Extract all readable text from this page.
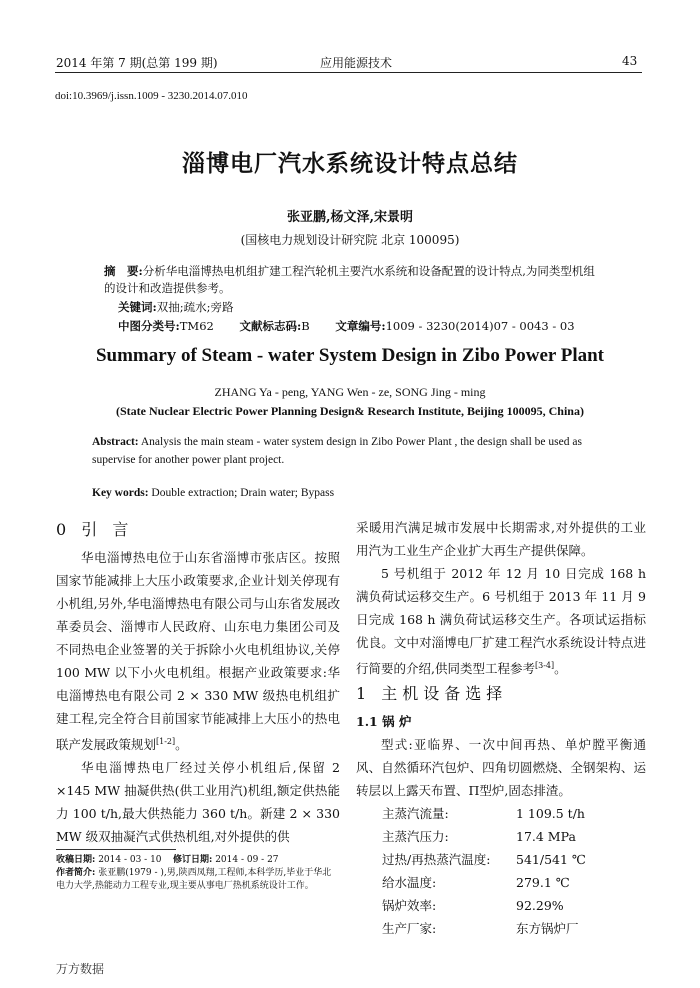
2014 年第 7 期(总第 199 期)	应用能源技术	43
doi:10.3969/j.issn.1009 - 3230.2014.07.010
淄博电厂汽水系统设计特点总结
张亚鹏,杨文泽,宋景明
(国核电力规划设计研究院 北京 100095)
摘　要:分析华电淄博热电机组扩建工程汽轮机主要汽水系统和设备配置的设计特点,为同类型机组的设计和改造提供参考。
关键词:双抽;疏水;旁路
中图分类号:TM62 文献标志码:B 文章编号:1009 - 3230(2014)07 - 0043 - 03
Summary of Steam - water System Design in Zibo Power Plant
ZHANG Ya - peng, YANG Wen - ze, SONG Jing - ming
(State Nuclear Electric Power Planning Design& Research Institute, Beijing 100095, China)
Abstract: Analysis the main steam - water system design in Zibo Power Plant , the design shall be used as supervise for another power plant project.
Key words: Double extraction; Drain water; Bypass
0 引 言

华电淄博热电位于山东省淄博市张店区。按照国家节能减排上大压小政策要求,企业计划关停现有小机组,另外,华电淄博热电有限公司与山东省发展改革委员会、淄博市人民政府、山东电力集团公司及不同热电企业签署的关于拆除小火电机组协议,关停 100 MW 以下小火电机组。根据产业政策要求:华电淄博热电有限公司 2 × 330 MW 级热电机组扩建工程,完全符合目前国家节能减排上大压小的热电联产发展政策规划[1-2]。

华电淄博热电厂经过关停小机组后,保留 2 ×145 MW 抽凝供热(供工业用汽)机组,额定供热能力 100 t/h,最大供热能力 360 t/h。新建 2 × 330 MW 级双抽凝汽式供热机组,对外提供的供

收稿日期: 2014 - 03 - 10 修订日期: 2014 - 09 - 27
作者简介: 张亚鹏(1979 - ),男,陕西凤翔,工程师,本科学历,毕业于华北电力大学,热能动力工程专业,现主要从事电厂热机系统设计工作。

采暖用汽满足城市发展中长期需求,对外提供的工业用汽为工业生产企业扩大再生产提供保障。

5 号机组于 2012 年 12 月 10 日完成 168 h 满负荷试运移交生产。6 号机组于 2013 年 11 月 9 日完成 168 h 满负荷试运移交生产。各项试运指标优良。文中对淄博电厂扩建工程汽水系统设计特点进行简要的介绍,供同类型工程参考[3-4]。

1 主机设备选择
1.1 锅 炉

型式:亚临界、一次中间再热、单炉膛平衡通风、自然循环汽包炉、四角切圆燃烧、全钢架构、运转层以上露天布置、Π型炉,固态排渣。

主蒸汽流量:	1 109.5 t/h
主蒸汽压力:	17.4 MPa
过热/再热蒸汽温度:	541/541 ℃
给水温度:	279.1 ℃
锅炉效率:	92.29%
生产厂家:	东方锅炉厂
万方数据
